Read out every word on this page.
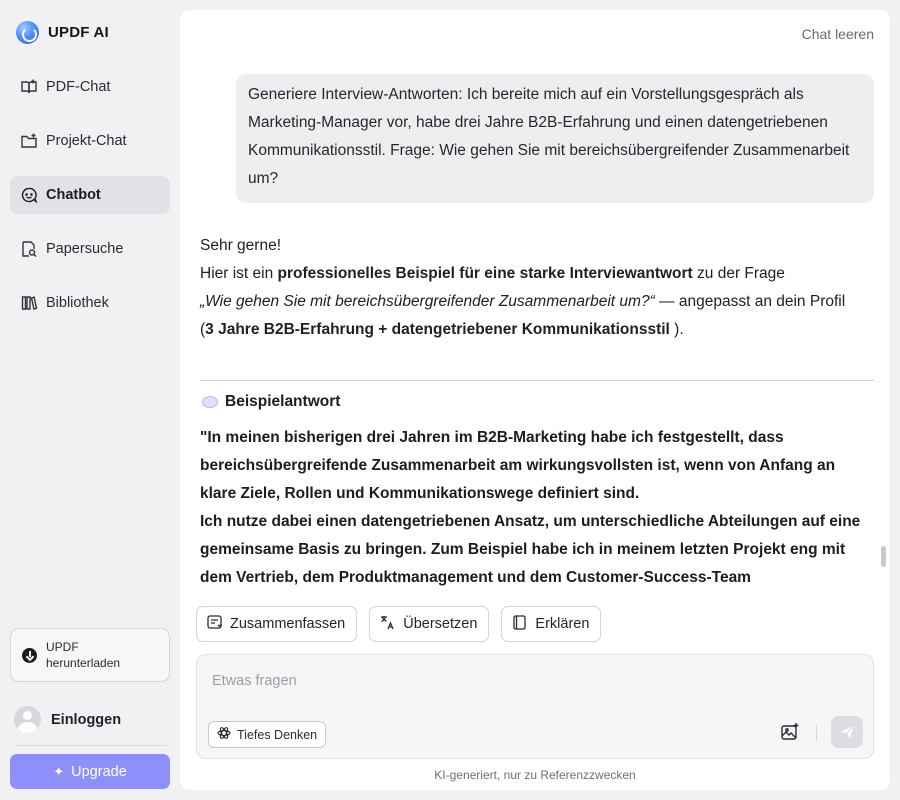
UPDF AI
PDF-Chat
Projekt-Chat
Chatbot
Papersuche
Bibliothek
UPDF
herunterladen
Einloggen
✦ Upgrade
Chat leeren
Generiere Interview-Antworten: Ich bereite mich auf ein Vorstellungsgespräch als Marketing-Manager vor, habe drei Jahre B2B-Erfahrung und einen datengetriebenen Kommunikationsstil. Frage: Wie gehen Sie mit bereichsübergreifender Zusammenarbeit um?
Sehr gerne!
Hier ist ein professionelles Beispiel für eine starke Interviewantwort zu der Frage
„Wie gehen Sie mit bereichsübergreifender Zusammenarbeit um?“ — angepasst an dein Profil
(3 Jahre B2B-Erfahrung + datengetriebener Kommunikationsstil ).
Beispielantwort
"In meinen bisherigen drei Jahren im B2B-Marketing habe ich festgestellt, dass bereichsübergreifende Zusammenarbeit am wirkungsvollsten ist, wenn von Anfang an klare Ziele, Rollen und Kommunikationswege definiert sind.
Ich nutze dabei einen datengetriebenen Ansatz, um unterschiedliche Abteilungen auf eine gemeinsame Basis zu bringen. Zum Beispiel habe ich in meinem letzten Projekt eng mit dem Vertrieb, dem Produktmanagement und dem Customer-Success-Team
Zusammenfassen	Übersetzen	Erklären
Etwas fragen
Tiefes Denken
KI-generiert, nur zu Referenzzwecken
